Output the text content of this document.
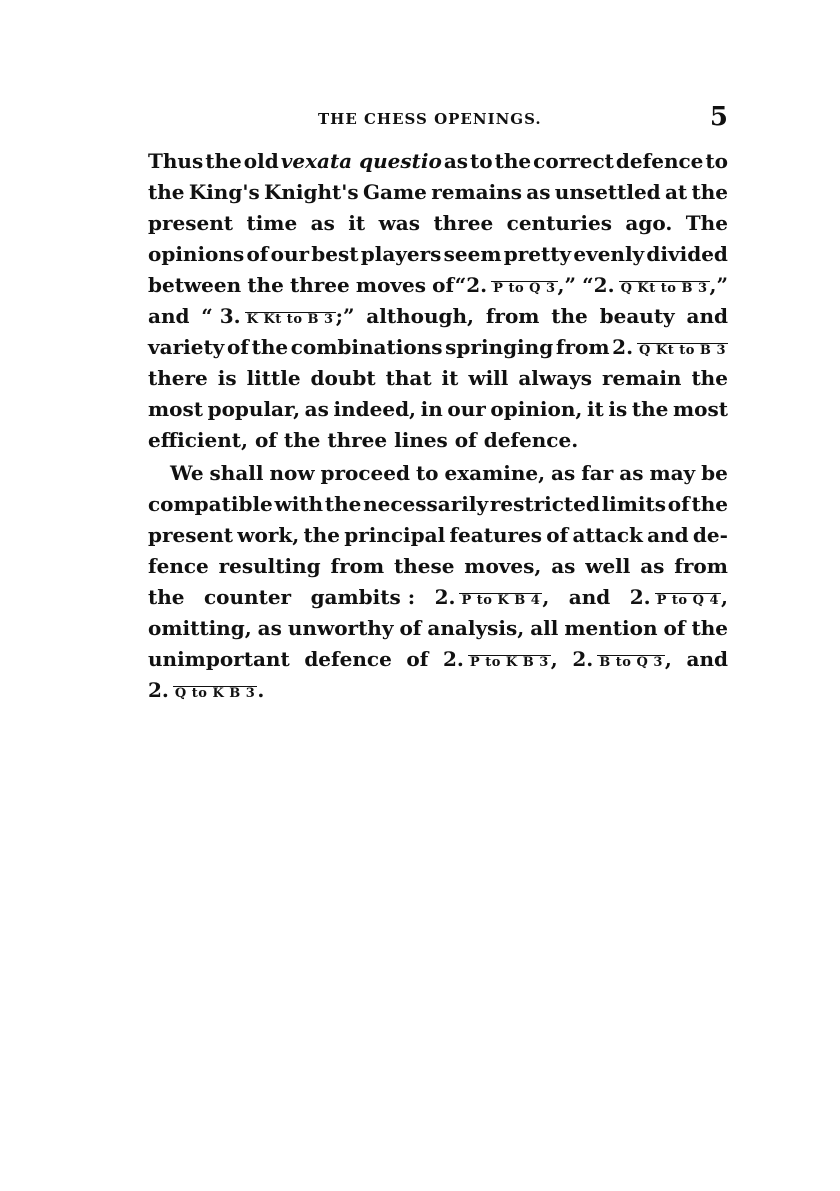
THE CHESS OPENINGS.	5
Thus the old vexata questio as to the correct defence to
the King's Knight's Game remains as unsettled at the
present time as it was three centuries ago. The
opinions of our best players seem pretty evenly divided
between the three moves of“2. P to Q 3 ,” “2. Q Kt to B 3 ,”
and “ 3. K Kt to B 3 ;” although, from the beauty and
variety of the combinations springing from 2. Q Kt to B 3
there is little doubt that it will always remain the
most popular, as indeed, in our opinion, it is the most
efficient,
of
the
three
lines
of
defence.
We shall now proceed to examine, as far as may be
compatible with the necessarily restricted limits of the
present work, the principal features of attack and de-
fence resulting from these moves, as well as from
the counter gambits : 2. P to K B 4 , and 2. P to Q 4 ,
omitting, as unworthy of analysis, all mention of the
unimportant defence of 2. P to K B 3 , 2. B to Q 3 , and
2. Q to K B 3 .
